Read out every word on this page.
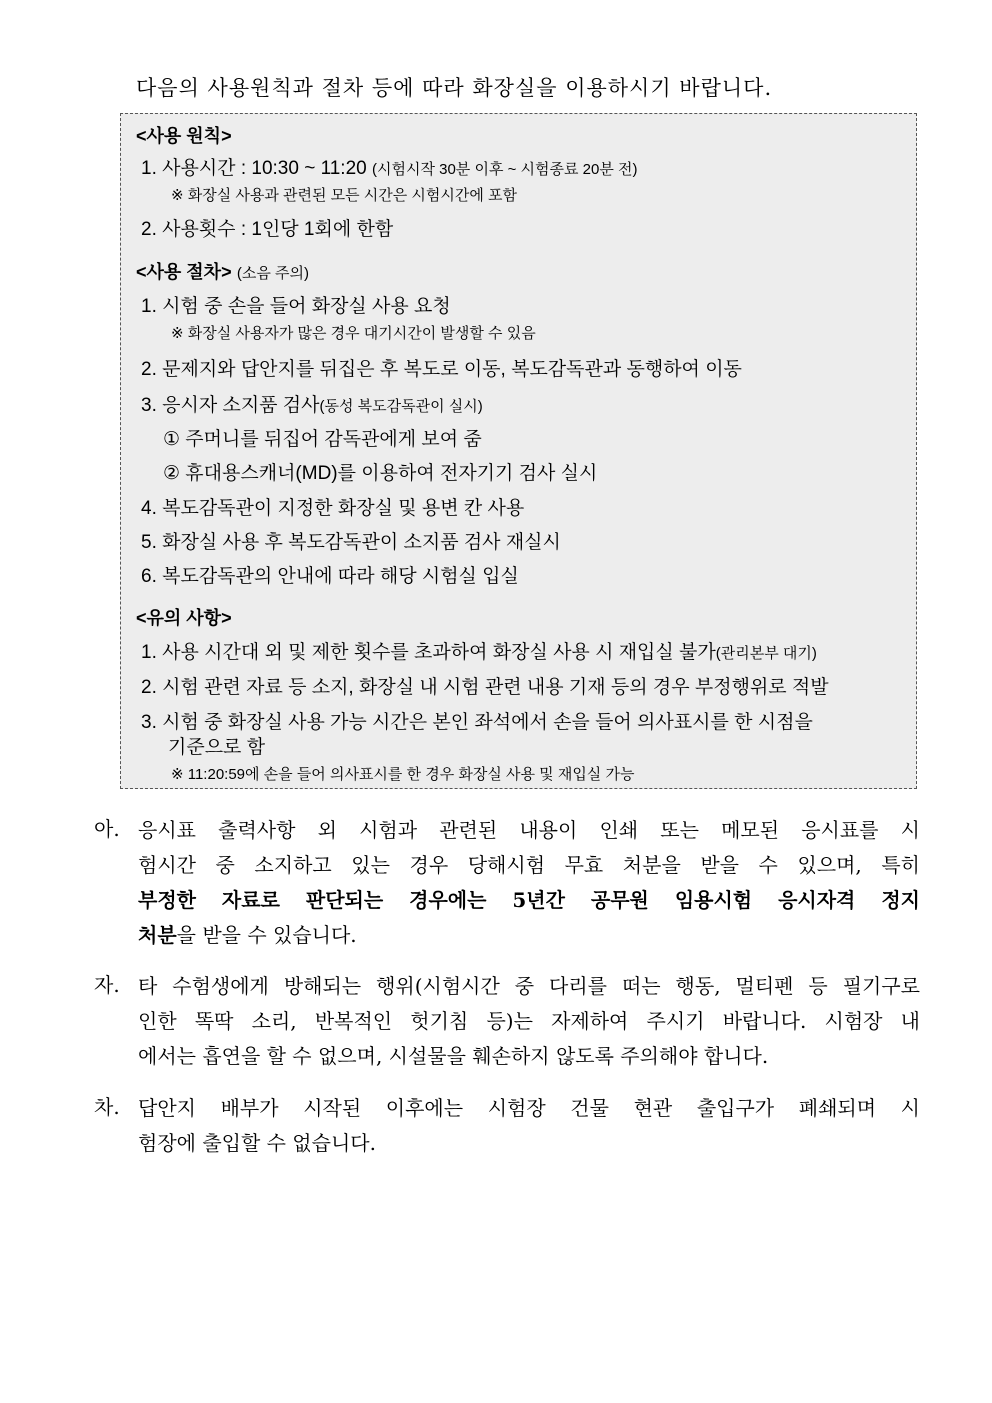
다음의 사용원칙과 절차 등에 따라 화장실을 이용하시기 바랍니다.
<사용 원칙>
1. 사용시간 : 10:30 ~ 11:20 (시험시작 30분 이후 ~ 시험종료 20분 전)
※ 화장실 사용과 관련된 모든 시간은 시험시간에 포함
2. 사용횟수 : 1인당 1회에 한함
<사용 절차> (소음 주의)
1. 시험 중 손을 들어 화장실 사용 요청
※ 화장실 사용자가 많은 경우 대기시간이 발생할 수 있음
2. 문제지와 답안지를 뒤집은 후 복도로 이동, 복도감독관과 동행하여 이동
3. 응시자 소지품 검사(동성 복도감독관이 실시)
① 주머니를 뒤집어 감독관에게 보여 줌
② 휴대용스캐너(MD)를 이용하여 전자기기 검사 실시
4. 복도감독관이 지정한 화장실 및 용변 칸 사용
5. 화장실 사용 후 복도감독관이 소지품 검사 재실시
6. 복도감독관의 안내에 따라 해당 시험실 입실
<유의 사항>
1. 사용 시간대 외 및 제한 횟수를 초과하여 화장실 사용 시 재입실 불가(관리본부 대기)
2. 시험 관련 자료 등 소지, 화장실 내 시험 관련 내용 기재 등의 경우 부정행위로 적발
3. 시험 중 화장실 사용 가능 시간은 본인 좌석에서 손을 들어 의사표시를 한 시점을
기준으로 함
※ 11:20:59에 손을 들어 의사표시를 한 경우 화장실 사용 및 재입실 가능
아. 응시표 출력사항 외 시험과 관련된 내용이 인쇄 또는 메모된 응시표를 시
험시간 중 소지하고 있는 경우 당해시험 무효 처분을 받을 수 있으며, 특히
부정한 자료로 판단되는 경우에는 5년간 공무원 임용시험 응시자격 정지
처분을 받을 수 있습니다.
자. 타 수험생에게 방해되는 행위(시험시간 중 다리를 떠는 행동, 멀티펜 등 필기구로
인한 똑딱 소리, 반복적인 헛기침 등)는 자제하여 주시기 바랍니다. 시험장 내
에서는 흡연을 할 수 없으며, 시설물을 훼손하지 않도록 주의해야 합니다.
차. 답안지 배부가 시작된 이후에는 시험장 건물 현관 출입구가 폐쇄되며 시
험장에 출입할 수 없습니다.
